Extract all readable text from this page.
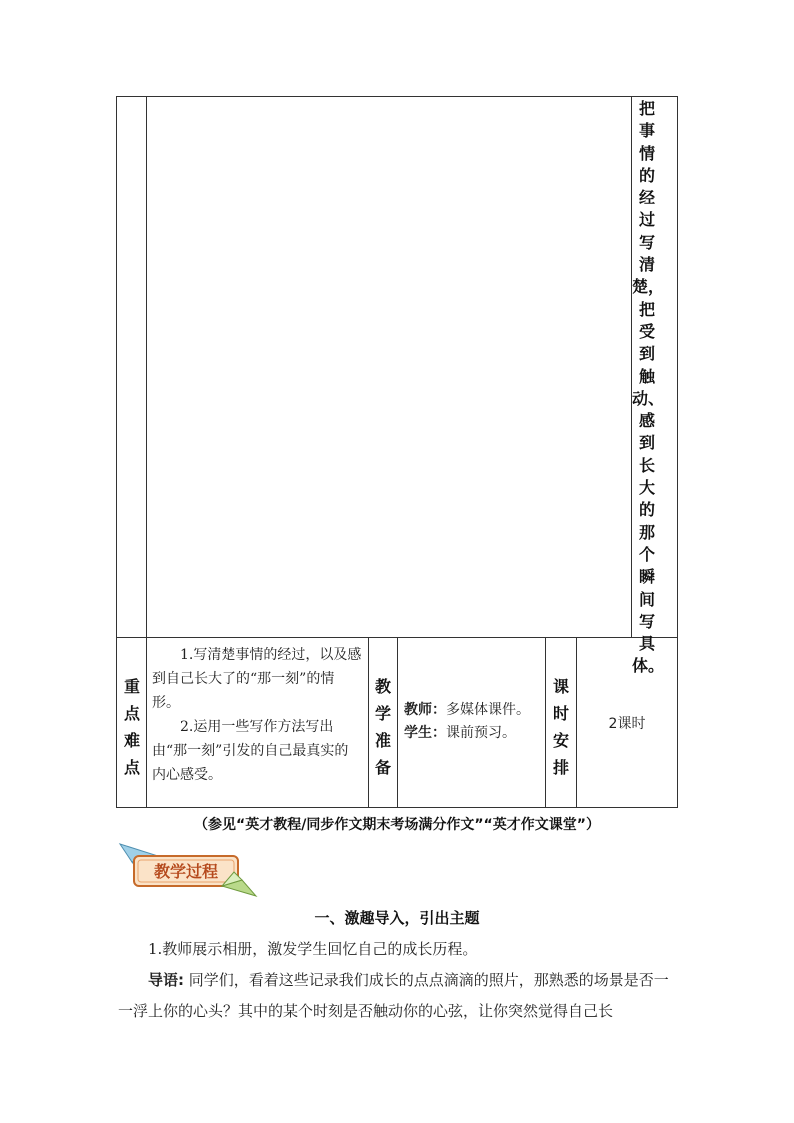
把事情的经过写清楚，把受到触动、感到长大的那个瞬间写具体。
重点难点

1.写清楚事情的经过，以及感到自己长大了的“那一刻”的情形。

2.运用一些写作方法写出由“那一刻”引发的自己最真实的内心感受。

教学准备

教师：多媒体课件。

学生：课前预习。

课时安排
2课时
（参见“英才教程/同步作文期末考场满分作文”“英才作文课堂”）
教学过程
一、激趣导入，引出主题
1.教师展示相册，激发学生回忆自己的成长历程。

导语: 同学们，看着这些记录我们成长的点点滴滴的照片，那熟悉的场景是否一一浮上你的心头？其中的某个时刻是否触动你的心弦，让你突然觉得自己长
